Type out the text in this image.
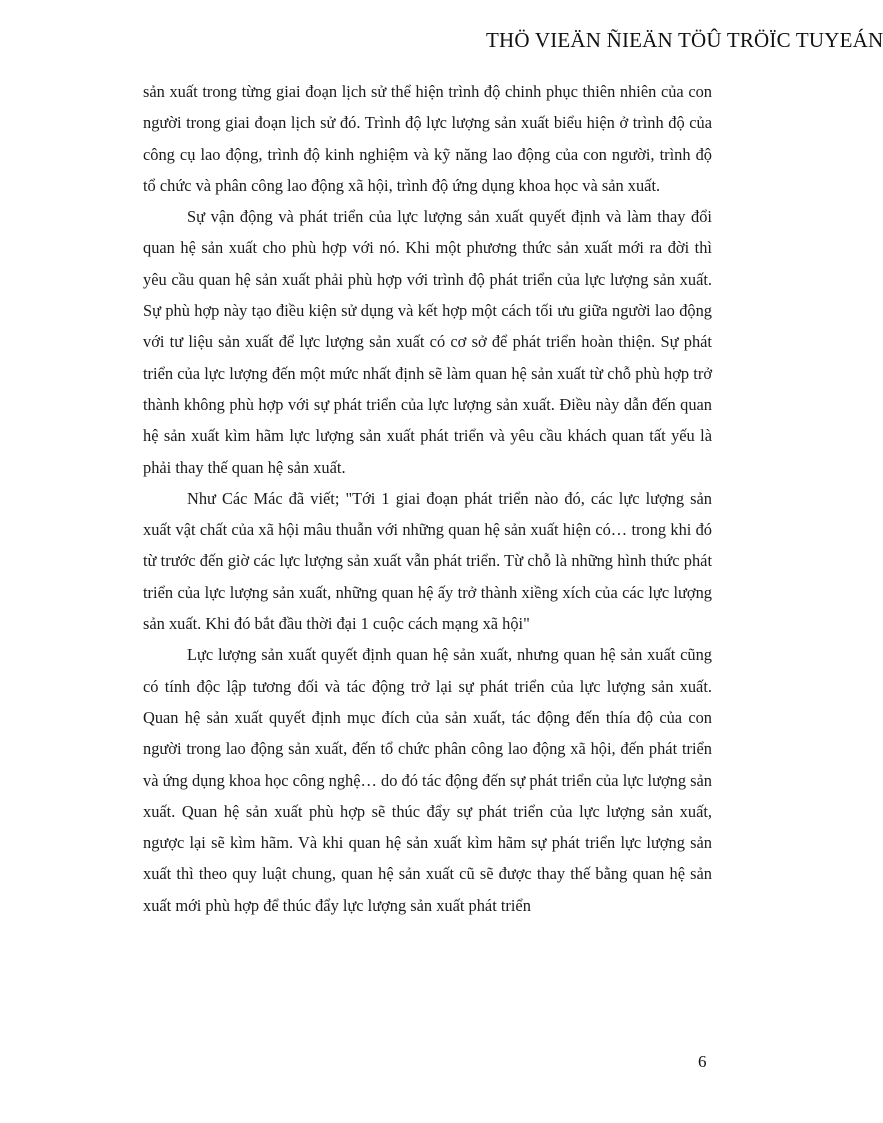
THÖ VIEÄN ÑIEÄN TÖÛ TRÖÏC TUYEÁN

sản xuất trong từng giai đoạn lịch sử thể hiện trình độ chinh phục thiên nhiên của con người trong giai đoạn lịch sử đó. Trình độ lực lượng sản xuất biểu hiện ở trình độ của công cụ lao động, trình độ kinh nghiệm và kỹ năng lao động của con người, trình độ tổ chức và phân công lao động xã hội, trình độ ứng dụng khoa học và sản xuất.

Sự vận động và phát triển của lực lượng sản xuất quyết định và làm thay đổi quan hệ sản xuất cho phù hợp với nó. Khi một phương thức sản xuất mới ra đời thì yêu cầu quan hệ sản xuất phải phù hợp với trình độ phát triển của lực lượng sản xuất. Sự phù hợp này tạo điều kiện sử dụng và kết hợp một cách tối ưu giữa người lao động với tư liệu sản xuất để lực lượng sản xuất có cơ sở để phát triển hoàn thiện. Sự phát triển của lực lượng đến một mức nhất định sẽ làm quan hệ sản xuất từ chỗ phù hợp trở thành không phù hợp với sự phát triển của lực lượng sản xuất. Điều này dẫn đến quan hệ sản xuất kìm hãm lực lượng sản xuất phát triển và yêu cầu khách quan tất yếu là phải thay thế quan hệ sản xuất.

Như Các Mác đã viết; "Tới 1 giai đoạn phát triển nào đó, các lực lượng sản xuất vật chất của xã hội mâu thuẫn với những quan hệ sản xuất hiện có… trong khi đó từ trước đến giờ các lực lượng sản xuất vẫn phát triển. Từ chỗ là những hình thức phát triển của lực lượng sản xuất, những quan hệ ấy trở thành xiềng xích của các lực lượng sản xuất. Khi đó bắt đầu thời đại 1 cuộc cách mạng xã hội"

Lực lượng sản xuất quyết định quan hệ sản xuất, nhưng quan hệ sản xuất cũng có tính độc lập tương đối và tác động trở lại sự phát triển của lực lượng sản xuất. Quan hệ sản xuất quyết định mục đích của sản xuất, tác động đến thía độ của con người trong lao động sản xuất, đến tổ chức phân công lao động xã hội, đến phát triển và ứng dụng khoa học công nghệ… do đó tác động đến sự phát triển của lực lượng sản xuất. Quan hệ sản xuất phù hợp sẽ thúc đẩy sự phát triển của lực lượng sản xuất, ngược lại sẽ kìm hãm. Và khi quan hệ sản xuất kìm hãm sự phát triển lực lượng sản xuất thì theo quy luật chung, quan hệ sản xuất cũ sẽ được thay thế bằng quan hệ sản xuất mới phù hợp để thúc đẩy lực lượng sản xuất phát triển

6
